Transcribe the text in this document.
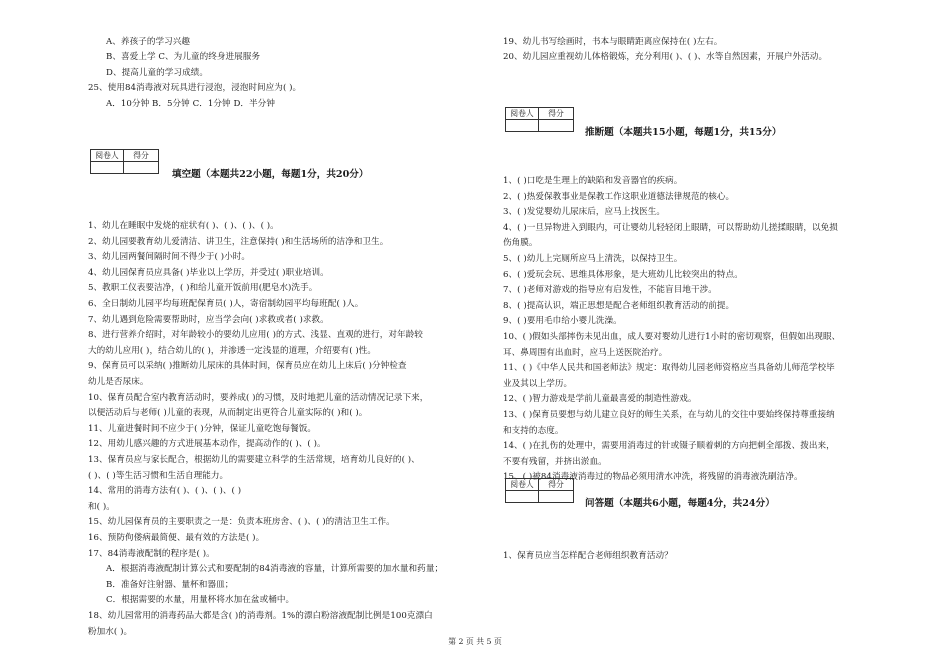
A、养孩子的学习兴趣
B、喜爱上学 C、为儿童的终身进展服务
D、提高儿童的学习成绩。
25、使用84消毒液对玩具进行浸泡，浸泡时间应为( )。
A．10分钟 B．5分钟 C．1分钟 D．半分钟
阅卷人	得分

填空题（本题共22小题，每题1分，共20分）
1、幼儿在睡眠中发烧的症状有( )、( )、( )、( )。
2、幼儿园要教育幼儿爱清洁、讲卫生，注意保持( )和生活场所的洁净和卫生。
3、幼儿园两餐间隔时间不得少于( )小时。
4、幼儿园保育员应具备( )毕业以上学历，并受过( )职业培训。
5、教职工仪表要洁净，( )和给儿童开饭前用(肥皂水)洗手。
6、全日制幼儿园平均每班配保育员( )人，寄宿制幼园平均每班配( )人。
7、幼儿遇到危险需要帮助时，应当学会向( )求救或者( )求救。
8、进行营养介绍时，对年龄较小的要幼儿应用( )的方式、浅显、直观的进行，对年龄较
大的幼儿应用( )，结合幼儿的( )，并渗透一定浅显的道理，介绍要有( )性。
9、保育员可以采纳( )推断幼儿尿床的具体时间，保育员应在幼儿上床后( )分钟检查
幼儿是否尿床。
10、保育员配合室内教育活动时，要养成( )的习惯，及时地把儿童的活动情况记录下来，
以便活动后与老师( )儿童的表现，从而制定出更符合儿童实际的( )和( )。
11、儿童进餐时间不应少于( )分钟，保证儿童吃饱每餐饭。
12、用幼儿感兴趣的方式进展基本动作，提高动作的( )、( )。
13、保育员应与家长配合，根据幼儿的需要建立科学的生活常规，培育幼儿良好的( )、
( )、( )等生活习惯和生活自理能力。
14、常用的消毒方法有( )、( )、( )、( )
和( )。
15、幼儿园保育员的主要职责之一是：负责本班房舍、( )、( )的清洁卫生工作。
16、预防佝偻病最简便、最有效的方法是( )。
17、84消毒液配制的程序是( )。
A．根据消毒液配制计算公式和要配制的84消毒液的容量，计算所需要的加水量和药量；
B．准备好注射器、量杯和器皿；
C．根据需要的水量，用量杯将水加在盆或桶中。
18、幼儿园常用的消毒药品大都是含( )的消毒剂。1%的漂白粉溶液配制比例是100克漂白
粉加水( )。
19、幼儿书写绘画时，书本与眼睛距离应保持在( )左右。
20、幼儿园应重视幼儿体格锻炼，充分利用( )、( )、水等自然因素，开展户外活动。
阅卷人	得分

推断题（本题共15小题，每题1分，共15分）
1、( )口吃是生理上的缺陷和发音器官的疾病。
2、( )热爱保教事业是保教工作这职业道德法律规范的核心。
3、( )发觉婴幼儿尿床后，应马上找医生。
4、( )一旦异物进入到眼内，可让婴幼儿轻轻闭上眼睛，可以帮助幼儿搓揉眼睛，以免损
伤角膜。
5、( )幼儿上完厕所应马上清洗，以保持卫生。
6、( )爱玩会玩、思维具体形象，是大班幼儿比较突出的特点。
7、( )老师对游戏的指导应有启发性，不能盲目地干涉。
8、( )提高认识，端正思想是配合老师组织教育活动的前提。
9、( )要用毛巾给小婴儿洗澡。
10、( )假如头部摔伤未见出血，成人要对婴幼儿进行1小时的密切观察，但假如出现眼、
耳、鼻周围有出血时，应马上送医院治疗。
11、( )《中华人民共和国老师法》规定：取得幼儿园老师资格应当具备幼儿师范学校毕
业及其以上学历。
12、( )智力游戏是学前儿童最喜爱的制造性游戏。
13、( )保育员要想与幼儿建立良好的师生关系，在与幼儿的交往中要始终保持尊重接纳
和支持的态度。
14、( )在扎伤的处理中，需要用消毒过的针或镊子顺着刺的方向把刺全部拨、拨出来，
不要有残留，并挤出淤血。
15、( )被84消毒液消毒过的物品必须用清水冲洗，将残留的消毒液洗刷洁净。
阅卷人	得分

问答题（本题共6小题，每题4分，共24分）
1、保育员应当怎样配合老师组织教育活动？
第 2 页 共 5 页
